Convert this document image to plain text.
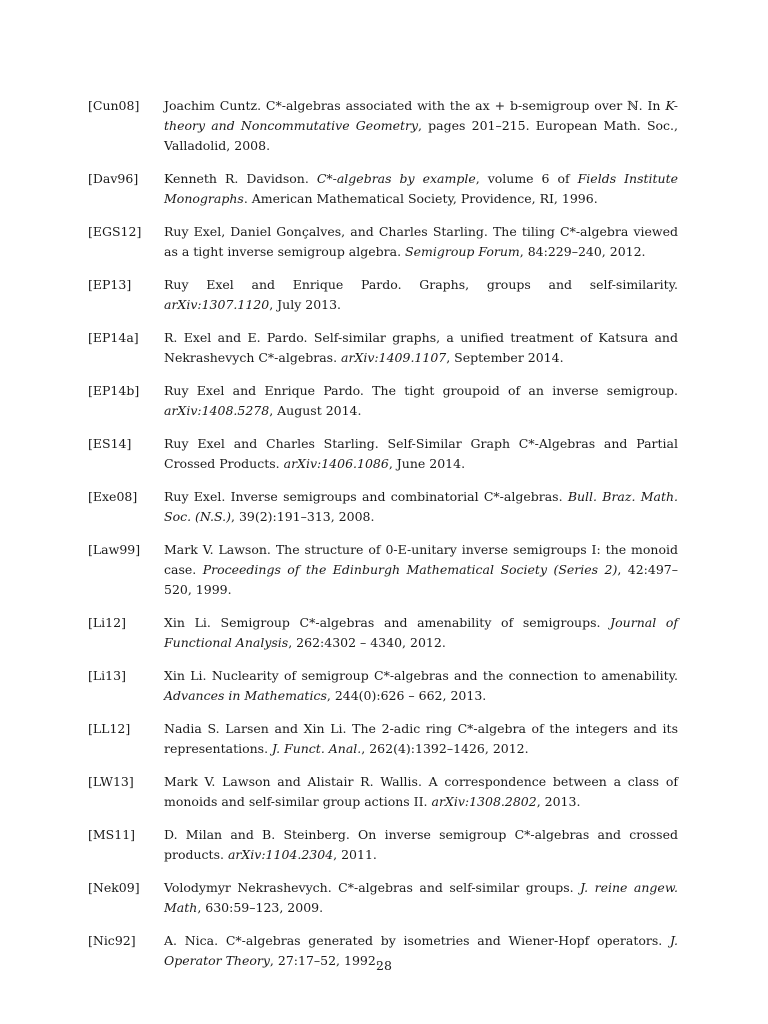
[Cun08]	Joachim Cuntz. C*-algebras associated with the ax + b-semigroup over ℕ. In K-theory and Noncommutative Geometry, pages 201–215. European Math. Soc., Valladolid, 2008.
[Dav96]	Kenneth R. Davidson. C*-algebras by example, volume 6 of Fields Institute Monographs. American Mathematical Society, Providence, RI, 1996.
[EGS12]	Ruy Exel, Daniel Gonçalves, and Charles Starling. The tiling C*-algebra viewed as a tight inverse semigroup algebra. Semigroup Forum, 84:229–240, 2012.
[EP13]	Ruy Exel and Enrique Pardo. Graphs, groups and self-similarity. arXiv:1307.1120, July 2013.
[EP14a]	R. Exel and E. Pardo. Self-similar graphs, a unified treatment of Katsura and Nekrashevych C*-algebras. arXiv:1409.1107, September 2014.
[EP14b]	Ruy Exel and Enrique Pardo. The tight groupoid of an inverse semigroup. arXiv:1408.5278, August 2014.
[ES14]	Ruy Exel and Charles Starling. Self-Similar Graph C*-Algebras and Partial Crossed Products. arXiv:1406.1086, June 2014.
[Exe08]	Ruy Exel. Inverse semigroups and combinatorial C*-algebras. Bull. Braz. Math. Soc. (N.S.), 39(2):191–313, 2008.
[Law99]	Mark V. Lawson. The structure of 0-E-unitary inverse semigroups I: the monoid case. Proceedings of the Edinburgh Mathematical Society (Series 2), 42:497–520, 1999.
[Li12]	Xin Li. Semigroup C*-algebras and amenability of semigroups. Journal of Functional Analysis, 262:4302 – 4340, 2012.
[Li13]	Xin Li. Nuclearity of semigroup C*-algebras and the connection to amenability. Advances in Mathematics, 244(0):626 – 662, 2013.
[LL12]	Nadia S. Larsen and Xin Li. The 2-adic ring C*-algebra of the integers and its representations. J. Funct. Anal., 262(4):1392–1426, 2012.
[LW13]	Mark V. Lawson and Alistair R. Wallis. A correspondence between a class of monoids and self-similar group actions II. arXiv:1308.2802, 2013.
[MS11]	D. Milan and B. Steinberg. On inverse semigroup C*-algebras and crossed products. arXiv:1104.2304, 2011.
[Nek09]	Volodymyr Nekrashevych. C*-algebras and self-similar groups. J. reine angew. Math, 630:59–123, 2009.
[Nic92]	A. Nica. C*-algebras generated by isometries and Wiener-Hopf operators. J. Operator Theory, 27:17–52, 1992.
28
